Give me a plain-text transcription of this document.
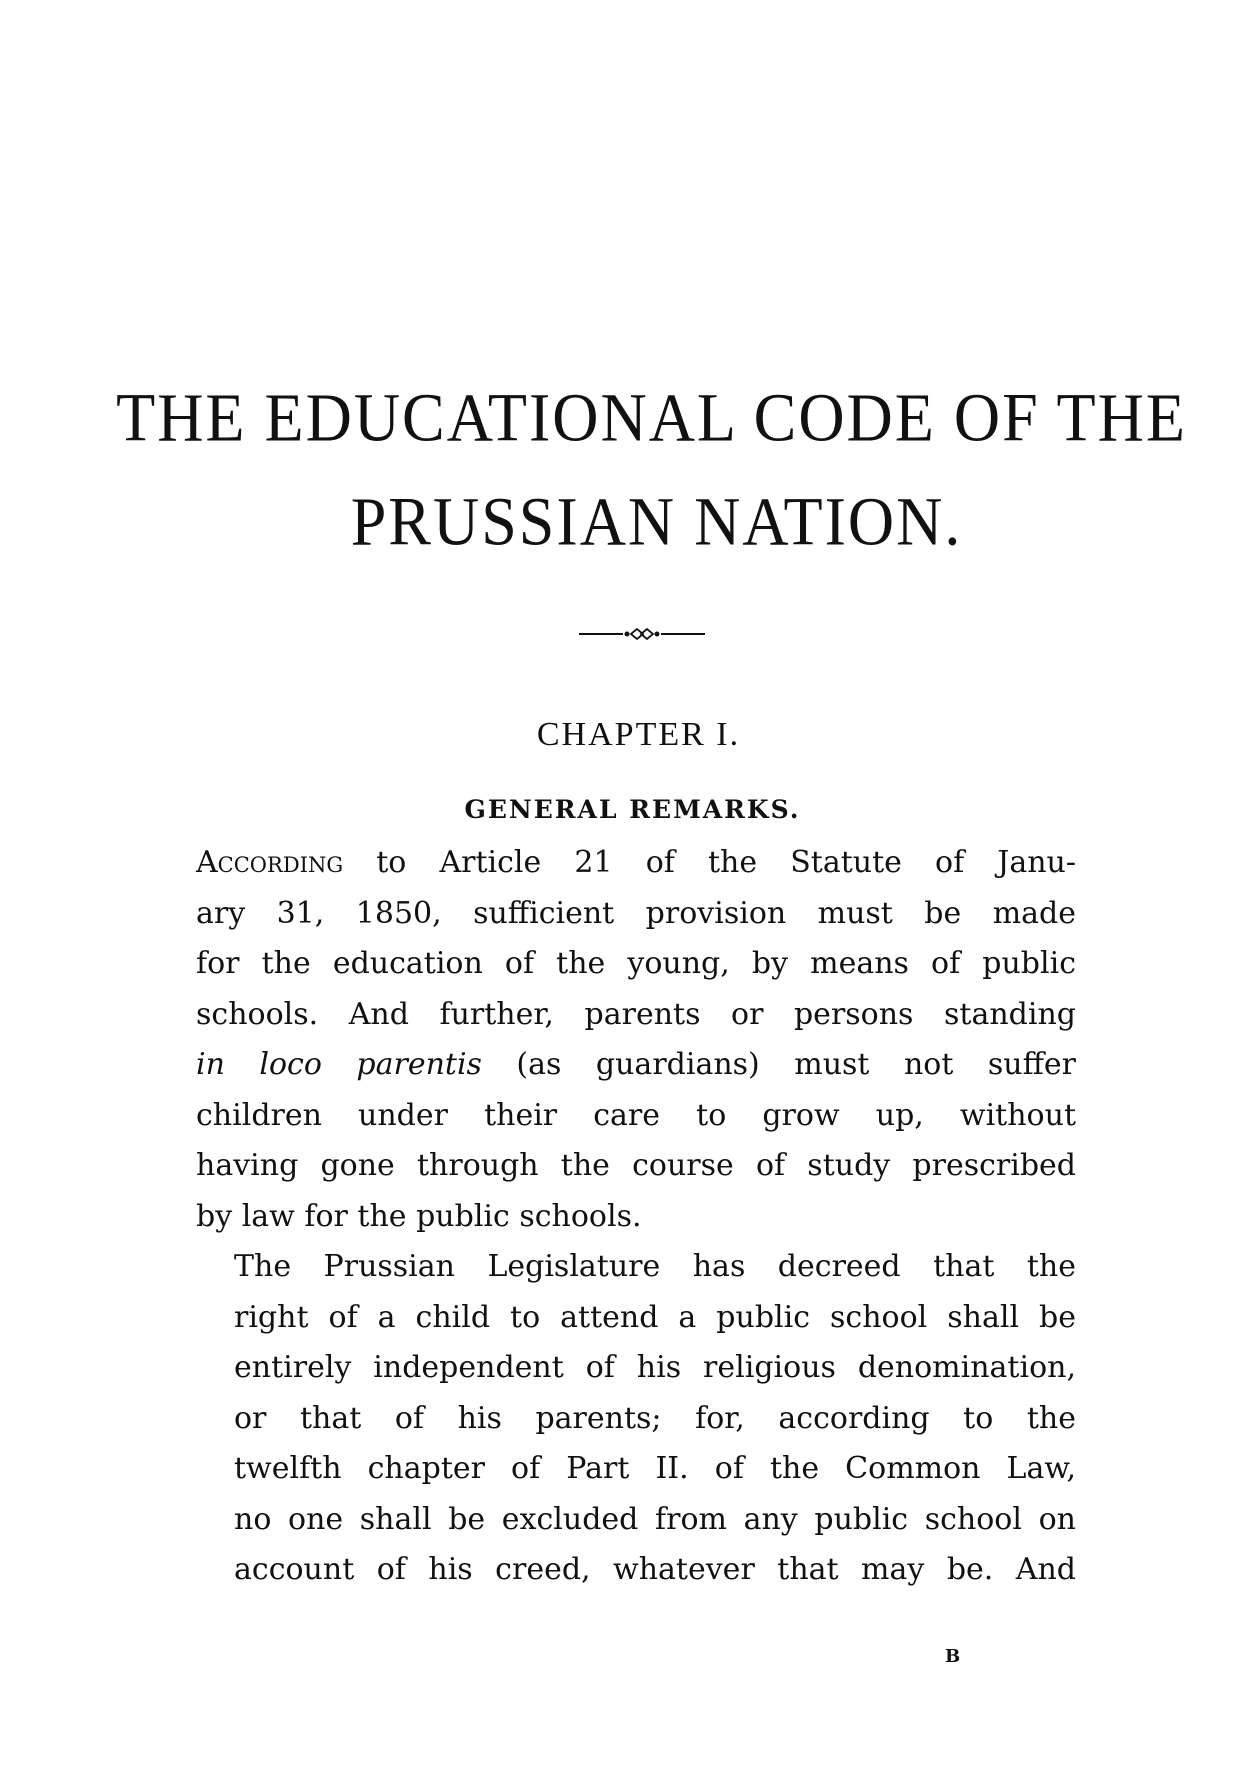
THE EDUCATIONAL CODE OF THE
PRUSSIAN NATION.
CHAPTER I.
GENERAL REMARKS.

According to Article 21 of the Statute of Janu-
ary 31, 1850, sufficient provision must be made
for the education of the young, by means of public
schools. And further, parents or persons standing
in loco parentis (as guardians) must not suffer
children under their care to grow up, without
having gone through the course of study prescribed
by law for the public schools.

The Prussian Legislature has decreed that the
right of a child to attend a public school shall be
entirely independent of his religious denomination,
or that of his parents; for, according to the
twelfth chapter of Part II. of the Common Law,
no one shall be excluded from any public school on
account of his creed, whatever that may be. And

B
